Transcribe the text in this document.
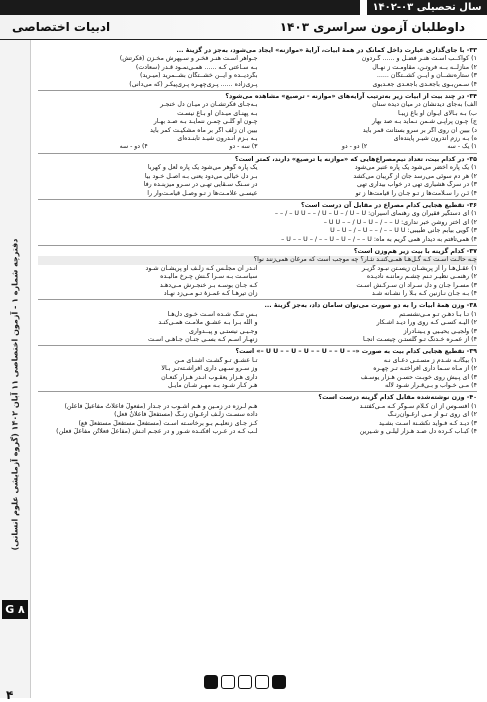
سال تحصیلی ۰۳-۱۴۰۲
ادبیات اختصاصی	داوطلبان آزمون سراسری ۱۴۰۳
دفترچه شماره ۱ - آزمون اختصاصی ۱۱ آبان ۱۴۰۲ (گروه آزمایشی علوم انسانی)
G ۸
۴
۳۳- با جای‌گذاری عبارت داخل کمانک در همهٔ ابیات، آرایهٔ «موازنه» ایجاد می‌شود، به‌جز در گزینهٔ ...
۱) کواکــب اسـت هنـر فضـل و ...... گـردون
جـواهر اسـت هنـر فخـر و سـپهرش مخـزن (فکرتش)
۲) منازلــه بــه فروتـن، مقاومـت ز نهـال
بـه سـاعتی کـه ...... همـی‌نمـود قـدر (سعادت)
۳) ستاره‌نشــان و ایــن کشــتگان ......
بگردیــده و ایــن خشــتگان بشــمرید (میـرید)
۴) سـمن‌بـوی با‌جعـدی با‌جعـدی جعـدبوی
پـری‌زاده ...... پـری‌چهـره پـری‌پیکـر (که می‌دانی)
۳۴- در چند بیت از ابیات زیر به‌ترتیب آرایه‌های «موازنه - ترصیع» مشاهده می‌شود؟
الف) به‌جای دیدنشان در میان دیده سنان
بـه‌جـای فکرتشـان در میـان دل خنجـر
ب) بـه بـالای ایـوان او باغ زیبـا
بـه پهنـای میـدان او بـاغ نیسـت
ج) چـون پراپـی شـمن نـماید بـه صد بهار
چـون او گلـی چمـن ننمایـد بـه صـد بهـار
د) بیین آن روی اگر بر سرو بستانت قمر باید
بیین آن زلف اگر بر ماه مشکیـت کمر باید
ه) بـه رزم اندرون شیـر پاینده‌ای
بـه بـزم انـدرون شیـد تابنـده‌ای
۱) یک - سه
۲) دو - دو
۳) سه - دو
۴) دو - سه
۳۵- در کدام بیت، تعداد نیم‌مصراع‌هایی که «موازنه یا ترصیع» دارند، کمتر است؟
۱) یک پاره اخضر می‌شود یک پاره عنبر می‌شود
یک پاره گوهر می‌شود یک پاره لعل و کهربا
۲) هر دم سوئی می‌رسد جان از گریبان می‌کشد
بـر دل خیالی می‌دود یعنی بـه اصـل خـود بیا
۳) در سرگ هشیاری تهی در خواب بیداری تهی
در سـنگ سـقایی تهـی در سـرو میزبنـده رفا
۴) ئـن را سـلامت‌ها ز تـو جـان را قیامت‌ها ز تو
عیسـی علامـت‌ها ز تـو وصـل قیامـت‌وار را
۳۶- تقطیع هجایی کدام مصراع در مقابل آن درست است؟
۱) ای دستگیر فقیران وی رهنمای اسیران: U U – – / U – U – / U – U – / – –
۲) ای اختر روشن خبر نداری: U U – – / U – U – / – – U –
۳) گویی بیابم جانی طبیبی: U – U – / – U – – / – – U U
۴) همی‌تافتم به دیدار همی گریم به ماه: U – – U – / – – U – U – / – – U –
۳۷- کدام گزینه با بیت زیر هم‌وزن است؟
چـه حالـت اسـت کـه گـل‌هـا همـی‌کننـد نثـار؟ چه موجب است که مرغان همی‌زنند نوا؟
۱) عقـل‌هـا را از پریشـان زیسـتن نبـود گزیـر
انـدر آن مجلـس کـه زلـف او پریشـان شـود
۲) رهنمـی نظیـر تـنم چشـم رماننـه نادیـده
سیاسـت بـه سـرا گـنش چـرخ مالیـده
۳) مسـرا جـان و دل سـراد آن سـرکـش اسـت
کـه جـان بوسـه بـر خنجـرش مـی‌دهـد
۴) بـه جـان نـازنین کـه بـلا را نشـانه شـد
زان تیرهـا کـه غمـزهٔ تـو مـی‌زد نهـاد
۳۸- وزن همهٔ ابیات را به دو صورت می‌توان سامان داد، به‌جز گزینهٔ ...
۱) تـا بـا دهـن تـو مـی‌نشسـتم
بـس تنـگ شـده اسـت خـوی دل‌هـا
۲) الیـه کسـی کـه روی ورا دیـد اشـکار
و الله بـرا بـه عشـق ملامـت همـی‌کنـد
۳) ولجیـی یحیـیی و یـینـادراز
وجـیـی نیستـی و پیــدواری
۴) از عمـره خـدنگ تـو گلستـن چیسـت آنجـا
زنهـار اسـم کـه بسـی جنـان جـاهـی اسـت
۳۹- تقطیع هجایی کدام بیت به صورت «– – U U – – U – U – – U – – U –» است؟
۱) بیگانـه شـدم ز مسـتـی دعـای نـه
تـا عشـق تـو گشـت آشنـای مـن
۲) از مـاه سـما داری افراختـه تـر چهـره
وز سـرو سـهی داری افراشـته‌تـر بـالا
۳) ای پـیش روی خوبـت حسـن هـزار یوسـف
داری هـزار یعقـوب انـدر هـزار کنعـان
۴) مـی خـواب و بـی‌قـرار شـود لاله
هـر کـار شـود بـه مهـر شـان مایـل
۴۰- وزن نوشته‌شده مقابل کدام گزینه درست است؟
۱) افسـوس از آن کـلام سـوگر کـه مـی‌کفتنـد
هـم لـرزه در زمـین و هـم آشـوب در جـدار (مفعولُ فاعلاتُ مفاعیلُ فاعلن)
۲) ای روی تـو از مـی ارغـوان‌رنـگ
داده سسـت زلـف ارغـوان زنـگ (مستفعلُ فاعلانُ فعل)
۳) دیـد کـه فـواید نکشـنة اسـت بشـید
کـز جـای زنعلیـم بـو برخاسـته اسـت (مستفعلُ مستفعلُ مستفعلُ فع)
۴) کبـاب کـرده دل صـد هـزار لیلـی و شـیرین
لـب کـه در عـرب افکنـده شـور و در عجـم آتـش (مفاعلُ فعلاتُن مفاعلُ فعلن)
